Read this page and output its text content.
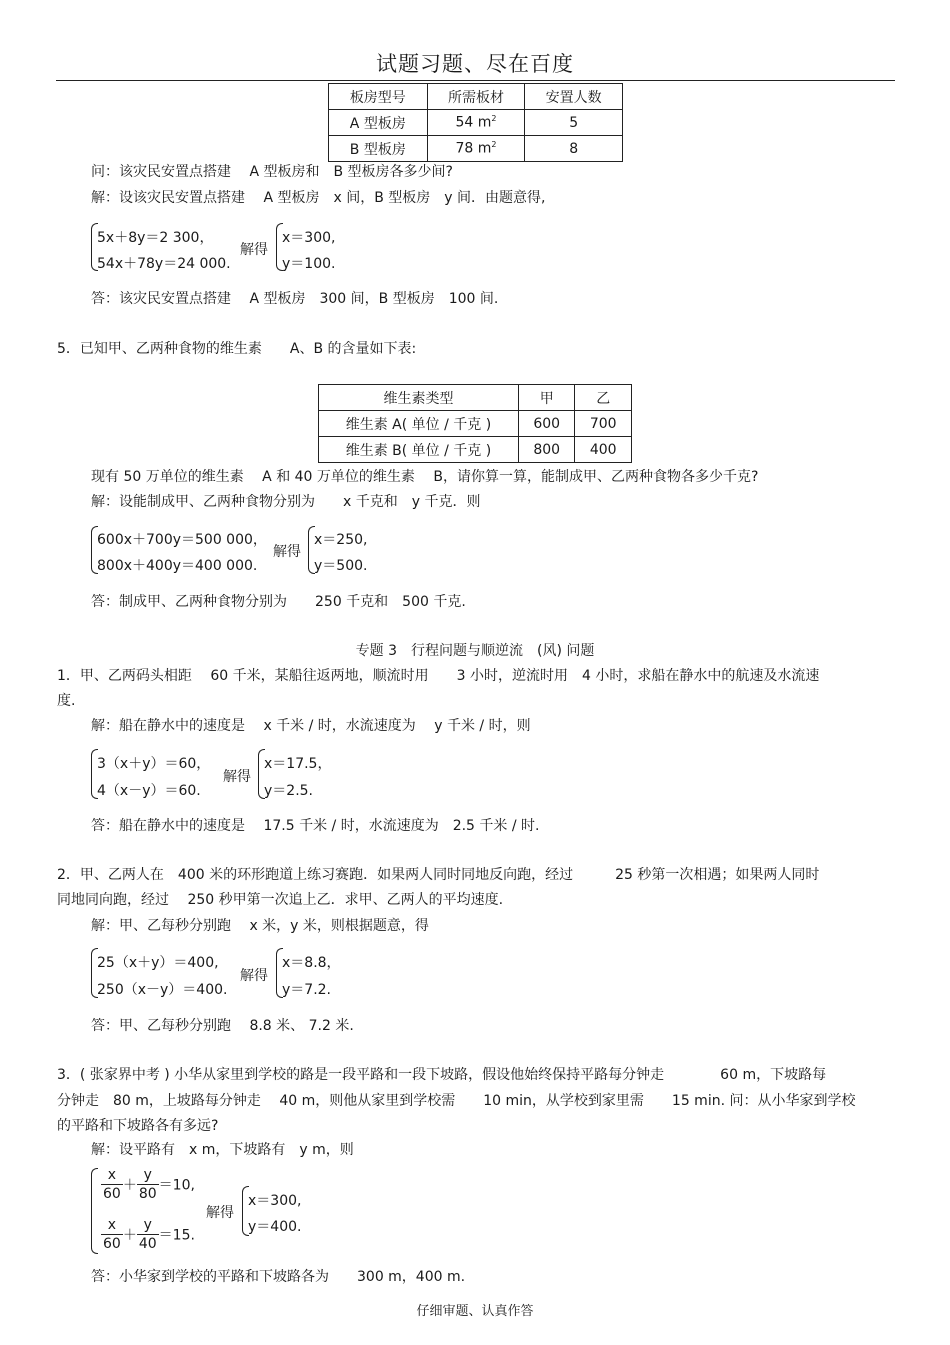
试题习题、尽在百度
板房型号	所需板材	安置人数
A 型板房	54 $m^2$	5
B 型板房	78 $m^2$	8
问：该灾民安置点搭建　 A 型板房和　B 型板房各多少间?
解：设该灾民安置点搭建　 A 型板房　x 间，B 型板房　y 间．由题意得,
5x＋8y＝2 300，
54x＋78y＝24 000.
解得
x＝300,
y＝100.
答：该灾民安置点搭建　 A 型板房　300 间，B 型板房　100 间.
5．已知甲、乙两种食物的维生素　　A、B 的含量如下表:
维生素类型	甲	乙
维生素 A( 单位 / 千克 )	600	700
维生素 B( 单位 / 千克 )	800	400
现有 50 万单位的维生素　 A 和 40 万单位的维生素　 B，请你算一算，能制成甲、乙两种食物各多少千克?
解：设能制成甲、乙两种食物分别为　　x 千克和　y 千克．则
600x＋700y＝500 000，
800x＋400y＝400 000.
解得
x＝250,
y＝500.
答：制成甲、乙两种食物分别为　　250 千克和　500 千克.
专题 3　行程问题与顺逆流　(风) 问题
1．甲、乙两码头相距　 60 千米，某船往返两地，顺流时用　　3 小时，逆流时用　4 小时，求船在静水中的航速及水流速
度.
解：船在静水中的速度是　 x 千米 / 时，水流速度为　 y 千米 / 时，则
3（x＋y）＝60，
4（x－y）＝60.
解得
x＝17.5，
y＝2.5.
答：船在静水中的速度是　 17.5 千米 / 时，水流速度为　2.5 千米 / 时.
2．甲、乙两人在　400 米的环形跑道上练习赛跑．如果两人同时同地反向跑，经过　　　25 秒第一次相遇；如果两人同时
同地同向跑，经过　 250 秒甲第一次追上乙．求甲、乙两人的平均速度.
解：甲、乙每秒分别跑　 x 米，y 米，则根据题意，得
25（x＋y）＝400,
250（x－y）＝400.
解得
x＝8.8，
y＝7.2.
答：甲、乙每秒分别跑　 8.8 米、 7.2 米.
3．( 张家界中考 ) 小华从家里到学校的路是一段平路和一段下坡路，假设他始终保持平路每分钟走　　　　60 m，下坡路每
分钟走　80 m，上坡路每分钟走　 40 m，则他从家里到学校需　　10 min，从学校到家里需　　15 min. 问：从小华家到学校
的平路和下坡路各有多远?
解：设平路有　x m，下坡路有　y m，则
$\frac{x}{60} + \frac{y}{80} =10$,
$\frac{x}{60} + \frac{y}{40} =15$.
解得
x＝300,
y＝400.
答：小华家到学校的平路和下坡路各为　　300 m，400 m.
仔细审题、认真作答
